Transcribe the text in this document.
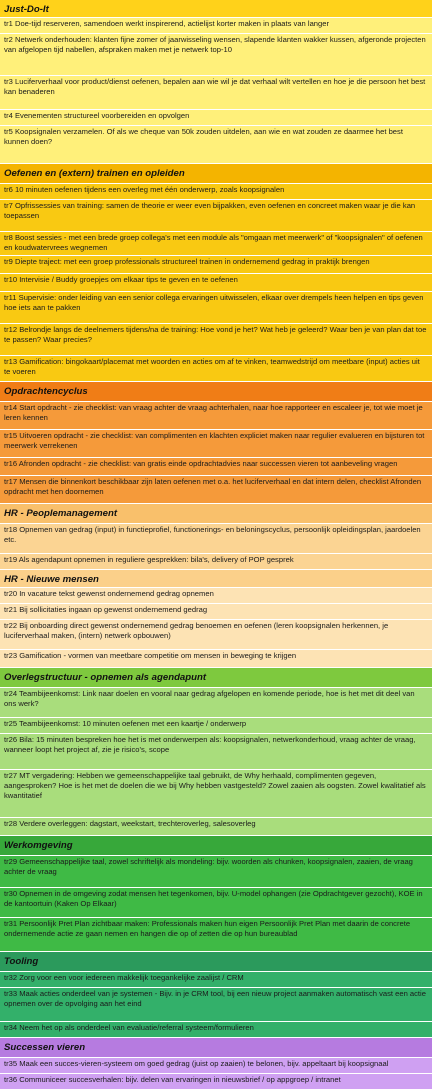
Just-Do-It
tr1 Doe-tijd reserveren, samendoen werkt inspirerend, actielijst korter maken in plaats van langer
tr2 Netwerk onderhouden: klanten fijne zomer of jaarwisseling wensen, slapende klanten wakker kussen, afgeronde projecten van afgelopen tijd nabellen, afspraken maken met je netwerk top-10
tr3 Luciferverhaal voor product/dienst oefenen, bepalen aan wie wil je dat verhaal wilt vertellen en hoe je die persoon het best kan benaderen
tr4 Evenementen structureel voorbereiden en opvolgen
tr5 Koopsignalen verzamelen. Of als we cheque van 50k zouden uitdelen, aan wie en wat zouden ze daarmee het best kunnen doen?
Oefenen en (extern) trainen en opleiden
tr6 10 minuten oefenen tijdens een overleg met één onderwerp, zoals koopsignalen
tr7 Opfrissessies van training: samen de theorie er weer even bijpakken, even oefenen en concreet maken waar je die kan toepassen
tr8 Boost sessies - met een brede groep collega's met een module als "omgaan met meerwerk" of "koopsignalen" of oefenen en koudwatervrees wegnemen
tr9 Diepte traject: met een groep professionals structureel trainen in ondernemend gedrag in praktijk brengen
tr10 Intervisie / Buddy groepjes om elkaar tips te geven en te oefenen
tr11 Supervisie: onder leiding van een senior collega ervaringen uitwisselen, elkaar over drempels heen helpen en tips geven hoe iets aan te pakken
tr12 Belrondje langs de deelnemers tijdens/na de training: Hoe vond je het? Wat heb je geleerd? Waar ben je van plan dat toe te passen? Waar precies?
tr13 Gamification: bingokaart/placemat met woorden en acties om af te vinken, teamwedstrijd om meetbare (input) acties uit te voeren
Opdrachtencyclus
tr14 Start opdracht - zie checklist: van vraag achter de vraag achterhalen, naar hoe rapporteer en escaleer je, tot wie moet je leren kennen
tr15 Uitvoeren opdracht - zie checklist: van complimenten en klachten expliciet maken naar regulier evalueren en bijsturen tot meerwerk verrekenen
tr16 Afronden opdracht - zie checklist: van gratis einde opdrachtadvies naar successen vieren tot aanbeveling vragen
tr17 Mensen die binnenkort beschikbaar zijn laten oefenen met o.a. het luciferverhaal en dat intern delen, checklist Afronden opdracht met hen doornemen
HR - Peoplemanagement
tr18 Opnemen van gedrag (input) in functieprofiel, functionerings- en beloningscyclus, persoonlijk opleidingsplan, jaardoelen etc.
tr19 Als agendapunt opnemen in reguliere gesprekken: bila's, delivery of POP gesprek
HR - Nieuwe mensen
tr20 In vacature tekst gewenst ondernemend gedrag opnemen
tr21 Bij sollicitaties ingaan op gewenst ondernemend gedrag
tr22 Bij onboarding direct gewenst ondernemend gedrag benoemen en oefenen (leren koopsignalen herkennen, je luciferverhaal maken, (intern) netwerk opbouwen)
tr23 Gamification - vormen van meetbare competitie om mensen in beweging te krijgen
Overlegstructuur - opnemen als agendapunt
tr24 Teambijeenkomst: Link naar doelen en vooral naar gedrag afgelopen en komende periode, hoe is het met dit deel van ons werk?
tr25 Teambijeenkomst: 10 minuten oefenen met een kaartje / onderwerp
tr26 Bila: 15 minuten bespreken hoe het is met onderwerpen als: koopsignalen, netwerkonderhoud, vraag achter de vraag, wanneer loopt het project af, zie je risico's, scope
tr27 MT vergadering: Hebben we gemeenschappelijke taal gebruikt, de Why herhaald, complimenten gegeven, aangesproken? Hoe is het met de doelen die we bij Why hebben vastgesteld? Zowel zaaien als oogsten. Zowel kwalitatief als kwantitatief
tr28 Verdere overleggen: dagstart, weekstart, trechteroverleg, salesoverleg
Werkomgeving
tr29 Gemeenschappelijke taal, zowel schriftelijk als mondeling: bijv. woorden als chunken, koopsignalen, zaaien, de vraag achter de vraag
tr30 Opnemen in de omgeving zodat mensen het tegenkomen, bijv. U-model ophangen (zie Opdrachtgever gezocht), KOE in de kantoortuin (Kaken Op Elkaar)
tr31 Persoonlijk Pret Plan zichtbaar maken: Professionals maken hun eigen Persoonlijk Pret Plan met daarin de concrete ondernemende actie ze gaan nemen en hangen die op of zetten die op hun bureaublad
Tooling
tr32 Zorg voor een voor iedereen makkelijk toegankelijke zaalijst / CRM
tr33 Maak acties onderdeel van je systemen - Bijv. in je CRM tool, bij een nieuw project aanmaken automatisch vast een actie opnemen over de opvolging aan het eind
tr34 Neem het op als onderdeel van evaluatie/referral systeem/formulieren
Successen vieren
tr35 Maak een succes-vieren-systeem om goed gedrag (juist op zaaien) te belonen, bijv. appeltaart bij koopsignaal
tr36 Communiceer succesverhalen: bijv. delen van ervaringen in nieuwsbrief / op appgroep / intranet
